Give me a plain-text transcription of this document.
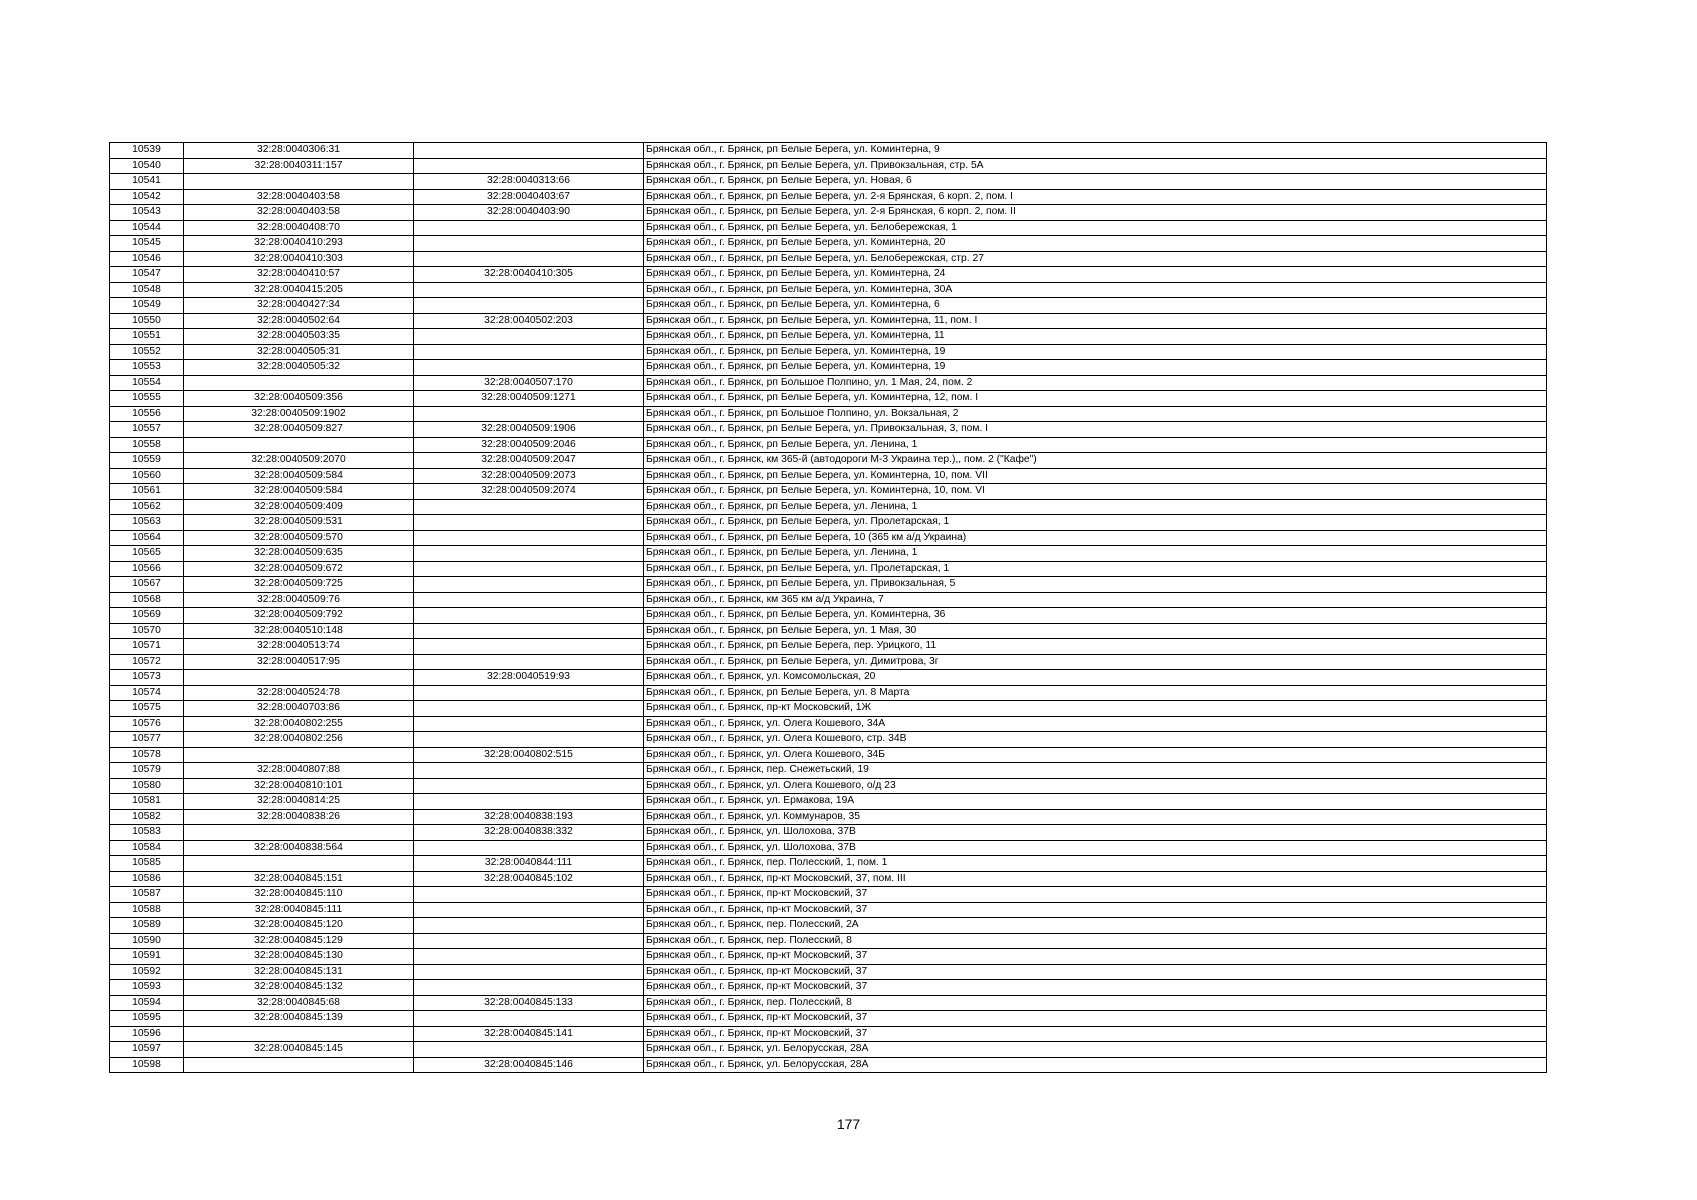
10539	32:28:0040306:31		Брянская обл., г. Брянск, рп Белые Берега, ул. Коминтерна, 9
10540	32:28:0040311:157		Брянская обл., г. Брянск, рп Белые Берега, ул. Привокзальная, стр. 5А
10541		32:28:0040313:66	Брянская обл., г. Брянск, рп Белые Берега, ул. Новая, 6
10542	32:28:0040403:58	32:28:0040403:67	Брянская обл., г. Брянск, рп Белые Берега, ул. 2-я Брянская, 6 корп. 2, пом. I
10543	32:28:0040403:58	32:28:0040403:90	Брянская обл., г. Брянск, рп Белые Берега, ул. 2-я Брянская, 6 корп. 2, пом. II
10544	32:28:0040408:70		Брянская обл., г. Брянск, рп Белые Берега, ул. Белобережская, 1
10545	32:28:0040410:293		Брянская обл., г. Брянск, рп Белые Берега, ул. Коминтерна, 20
10546	32:28:0040410:303		Брянская обл., г. Брянск, рп Белые Берега, ул. Белобережская, стр. 27
10547	32:28:0040410:57	32:28:0040410:305	Брянская обл., г. Брянск, рп Белые Берега, ул. Коминтерна, 24
10548	32:28:0040415:205		Брянская обл., г. Брянск, рп Белые Берега, ул. Коминтерна, 30А
10549	32:28:0040427:34		Брянская обл., г. Брянск, рп Белые Берега, ул. Коминтерна, 6
10550	32:28:0040502:64	32:28:0040502:203	Брянская обл., г. Брянск, рп Белые Берега, ул. Коминтерна, 11, пом. I
10551	32:28:0040503:35		Брянская обл., г. Брянск, рп Белые Берега, ул. Коминтерна, 11
10552	32:28:0040505:31		Брянская обл., г. Брянск, рп Белые Берега, ул. Коминтерна, 19
10553	32:28:0040505:32		Брянская обл., г. Брянск, рп Белые Берега, ул. Коминтерна, 19
10554		32:28:0040507:170	Брянская обл., г. Брянск, рп Большое Полпино, ул. 1 Мая, 24, пом. 2
10555	32:28:0040509:356	32:28:0040509:1271	Брянская обл., г. Брянск, рп Белые Берега, ул. Коминтерна, 12, пом. I
10556	32:28:0040509:1902		Брянская обл., г. Брянск, рп Большое Полпино, ул. Вокзальная, 2
10557	32:28:0040509:827	32:28:0040509:1906	Брянская обл., г. Брянск, рп Белые Берега, ул. Привокзальная, 3, пом. I
10558		32:28:0040509:2046	Брянская обл., г. Брянск, рп Белые Берега, ул. Ленина, 1
10559	32:28:0040509:2070	32:28:0040509:2047	Брянская обл., г. Брянск, км 365-й (автодороги М-3 Украина тер.),, пом. 2 ("Кафе")
10560	32:28:0040509:584	32:28:0040509:2073	Брянская обл., г. Брянск, рп Белые Берега, ул. Коминтерна, 10, пом. VII
10561	32:28:0040509:584	32:28:0040509:2074	Брянская обл., г. Брянск, рп Белые Берега, ул. Коминтерна, 10, пом. VI
10562	32:28:0040509:409		Брянская обл., г. Брянск, рп Белые Берега, ул. Ленина, 1
10563	32:28:0040509:531		Брянская обл., г. Брянск, рп Белые Берега, ул. Пролетарская, 1
10564	32:28:0040509:570		Брянская обл., г. Брянск, рп Белые Берега, 10 (365 км а/д Украина)
10565	32:28:0040509:635		Брянская обл., г. Брянск, рп Белые Берега, ул. Ленина, 1
10566	32:28:0040509:672		Брянская обл., г. Брянск, рп Белые Берега, ул. Пролетарская, 1
10567	32:28:0040509:725		Брянская обл., г. Брянск, рп Белые Берега, ул. Привокзальная, 5
10568	32:28:0040509:76		Брянская обл., г. Брянск, км 365 км а/д Украина, 7
10569	32:28:0040509:792		Брянская обл., г. Брянск, рп Белые Берега, ул. Коминтерна, 36
10570	32:28:0040510:148		Брянская обл., г. Брянск, рп Белые Берега, ул. 1 Мая, 30
10571	32:28:0040513:74		Брянская обл., г. Брянск, рп Белые Берега, пер. Урицкого, 11
10572	32:28:0040517:95		Брянская обл., г. Брянск, рп Белые Берега, ул. Димитрова, 3г
10573		32:28:0040519:93	Брянская обл., г. Брянск, ул. Комсомольская, 20
10574	32:28:0040524:78		Брянская обл., г. Брянск, рп Белые Берега, ул. 8 Марта
10575	32:28:0040703:86		Брянская обл., г. Брянск, пр-кт Московский, 1Ж
10576	32:28:0040802:255		Брянская обл., г. Брянск, ул. Олега Кошевого, 34А
10577	32:28:0040802:256		Брянская обл., г. Брянск, ул. Олега Кошевого, стр. 34В
10578		32:28:0040802:515	Брянская обл., г. Брянск, ул. Олега Кошевого, 34Б
10579	32:28:0040807:88		Брянская обл., г. Брянск, пер. Снежетьский, 19
10580	32:28:0040810:101		Брянская обл., г. Брянск, ул. Олега Кошевого, о/д 23
10581	32:28:0040814:25		Брянская обл., г. Брянск, ул. Ермакова, 19А
10582	32:28:0040838:26	32:28:0040838:193	Брянская обл., г. Брянск, ул. Коммунаров, 35
10583		32:28:0040838:332	Брянская обл., г. Брянск, ул. Шолохова, 37В
10584	32:28:0040838:564		Брянская обл., г. Брянск, ул. Шолохова, 37В
10585		32:28:0040844:111	Брянская обл., г. Брянск, пер. Полесский, 1, пом. 1
10586	32:28:0040845:151	32:28:0040845:102	Брянская обл., г. Брянск, пр-кт Московский, 37, пом. III
10587	32:28:0040845:110		Брянская обл., г. Брянск, пр-кт Московский, 37
10588	32:28:0040845:111		Брянская обл., г. Брянск, пр-кт Московский, 37
10589	32:28:0040845:120		Брянская обл., г. Брянск, пер. Полесский, 2А
10590	32:28:0040845:129		Брянская обл., г. Брянск, пер. Полесский, 8
10591	32:28:0040845:130		Брянская обл., г. Брянск, пр-кт Московский, 37
10592	32:28:0040845:131		Брянская обл., г. Брянск, пр-кт Московский, 37
10593	32:28:0040845:132		Брянская обл., г. Брянск, пр-кт Московский, 37
10594	32:28:0040845:68	32:28:0040845:133	Брянская обл., г. Брянск, пер. Полесский, 8
10595	32:28:0040845:139		Брянская обл., г. Брянск, пр-кт Московский, 37
10596		32:28:0040845:141	Брянская обл., г. Брянск, пр-кт Московский, 37
10597	32:28:0040845:145		Брянская обл., г. Брянск, ул. Белорусская, 28А
10598		32:28:0040845:146	Брянская обл., г. Брянск, ул. Белорусская, 28А
177
